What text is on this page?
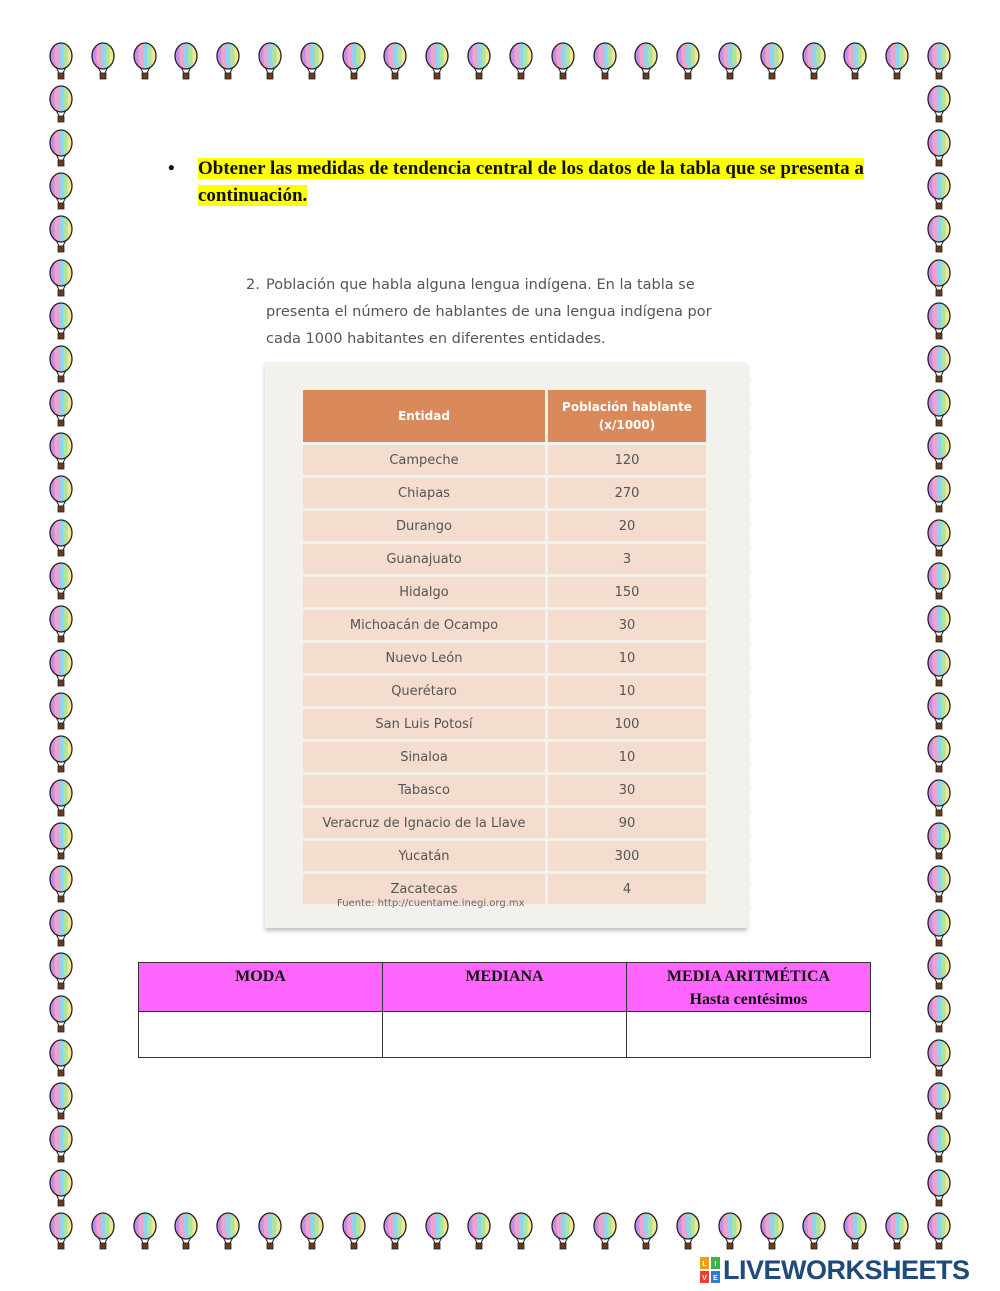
• Obtener las medidas de tendencia central de los datos de la tabla que se presenta a continuación.
2. Población que habla alguna lengua indígena. En la tabla se presenta el número de hablantes de una lengua indígena por cada 1000 habitantes en diferentes entidades.
Entidad	Población hablante
(x/1000)
Campeche	120
Chiapas	270
Durango	20
Guanajuato	3
Hidalgo	150
Michoacán de Ocampo	30
Nuevo León	10
Querétaro	10
San Luis Potosí	100
Sinaloa	10
Tabasco	30
Veracruz de Ignacio de la Llave	90
Yucatán	300
Zacatecas	4
Fuente: http://cuentame.inegi.org.mx
MODA	MEDIANA	MEDIA ARITMÉTICA
Hasta centésimos

L I
V E LIVEWORKSHEETS
